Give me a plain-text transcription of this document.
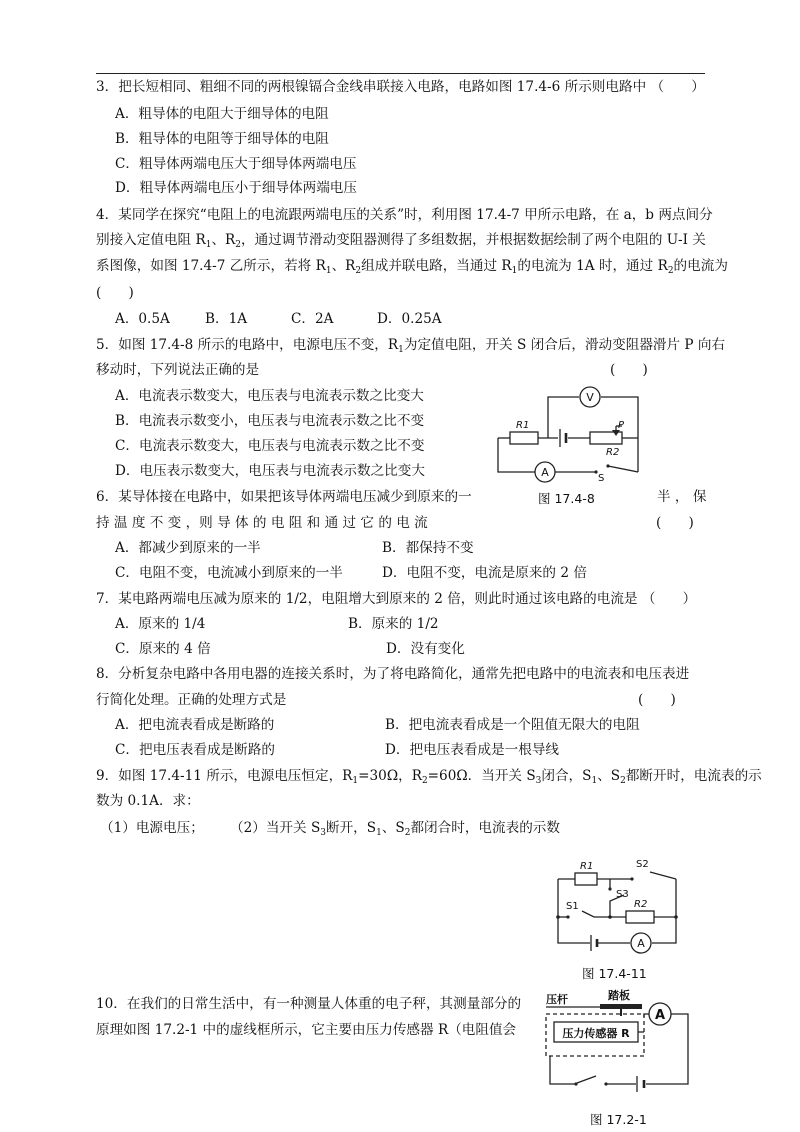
3．把长短相同、粗细不同的两根镍镉合金线串联接入电路，电路如图 17.4-6 所示则电路中 （　　）
A．粗导体的电阻大于细导体的电阻
B．粗导体的电阻等于细导体的电阻
C．粗导体两端电压大于细导体两端电压
D．粗导体两端电压小于细导体两端电压
4．某同学在探究“电阻上的电流跟两端电压的关系”时，利用图 17.4-7 甲所示电路，在 a，b 两点间分
别接入定值电阻 $R_1$、$R_2$，通过调节滑动变阻器测得了多组数据，并根据数据绘制了两个电阻的 U-I 关
系图像，如图 17.4-7 乙所示，若将 $R_1$、$R_2$组成并联电路，当通过 $R_1$的电流为 1A 时，通过 $R_2$的电流为
(　　)
A．0.5A	B．1A	C．2A	D．0.25A
5．如图 17.4-8 所示的电路中，电源电压不变，$R_1$为定值电阻，开关 S 闭合后，滑动变阻器滑片 P 向右
移动时，下列说法正确的是	(　　)
A．电流表示数变大，电压表与电流表示数之比变大
B．电流表示数变小，电压表与电流表示数之比不变
C．电流表示数变大，电压表与电流表示数之比不变
D．电压表示数变大，电压表与电流表示数之比变大
V
A
R1	P
R2
S
6．某导体接在电路中，如果把该导体两端电压减少到原来的一	图 17.4-8	半 ， 保
持 温 度 不 变 ，则 导 体 的 电 阻 和 通 过 它 的 电 流	(　　)
A．都减少到原来的一半	B．都保持不变
C．电阻不变，电流减小到原来的一半	D．电阻不变，电流是原来的 2 倍
7．某电路两端电压减为原来的 1/2，电阻增大到原来的 2 倍，则此时通过该电路的电流是 （　　）
A．原来的 1/4	B．原来的 1/2
C．原来的 4 倍	D．没有变化
8．分析复杂电路中各用电器的连接关系时，为了将电路简化，通常先把电路中的电流表和电压表进
行简化处理。正确的处理方式是	(　　)
A．把电流表看成是断路的	B．把电流表看成是一个阻值无限大的电阻
C．把电压表看成是断路的	D．把电压表看成是一根导线
9．如图 17.4-11 所示，电源电压恒定，$R_1=30\Omega$，$R_2=60\Omega$．当开关 $S_3$闭合，$S_1$、$S_2$都断开时，电流表的示
数为 0.1A．求：
（1）电源电压； （2）当开关 $S_3$断开，$S_1$、$S_2$都闭合时，电流表的示数
R1	S2
S3
S1	R2
A
图 17.4-11
10．在我们的日常生活中，有一种测量人体重的电子秤，其测量部分的
原理如图 17.2-1 中的虚线框所示，它主要由压力传感器 R（电阻值会
压杆	踏板
压力传感器 R
A
图 17.2-1
